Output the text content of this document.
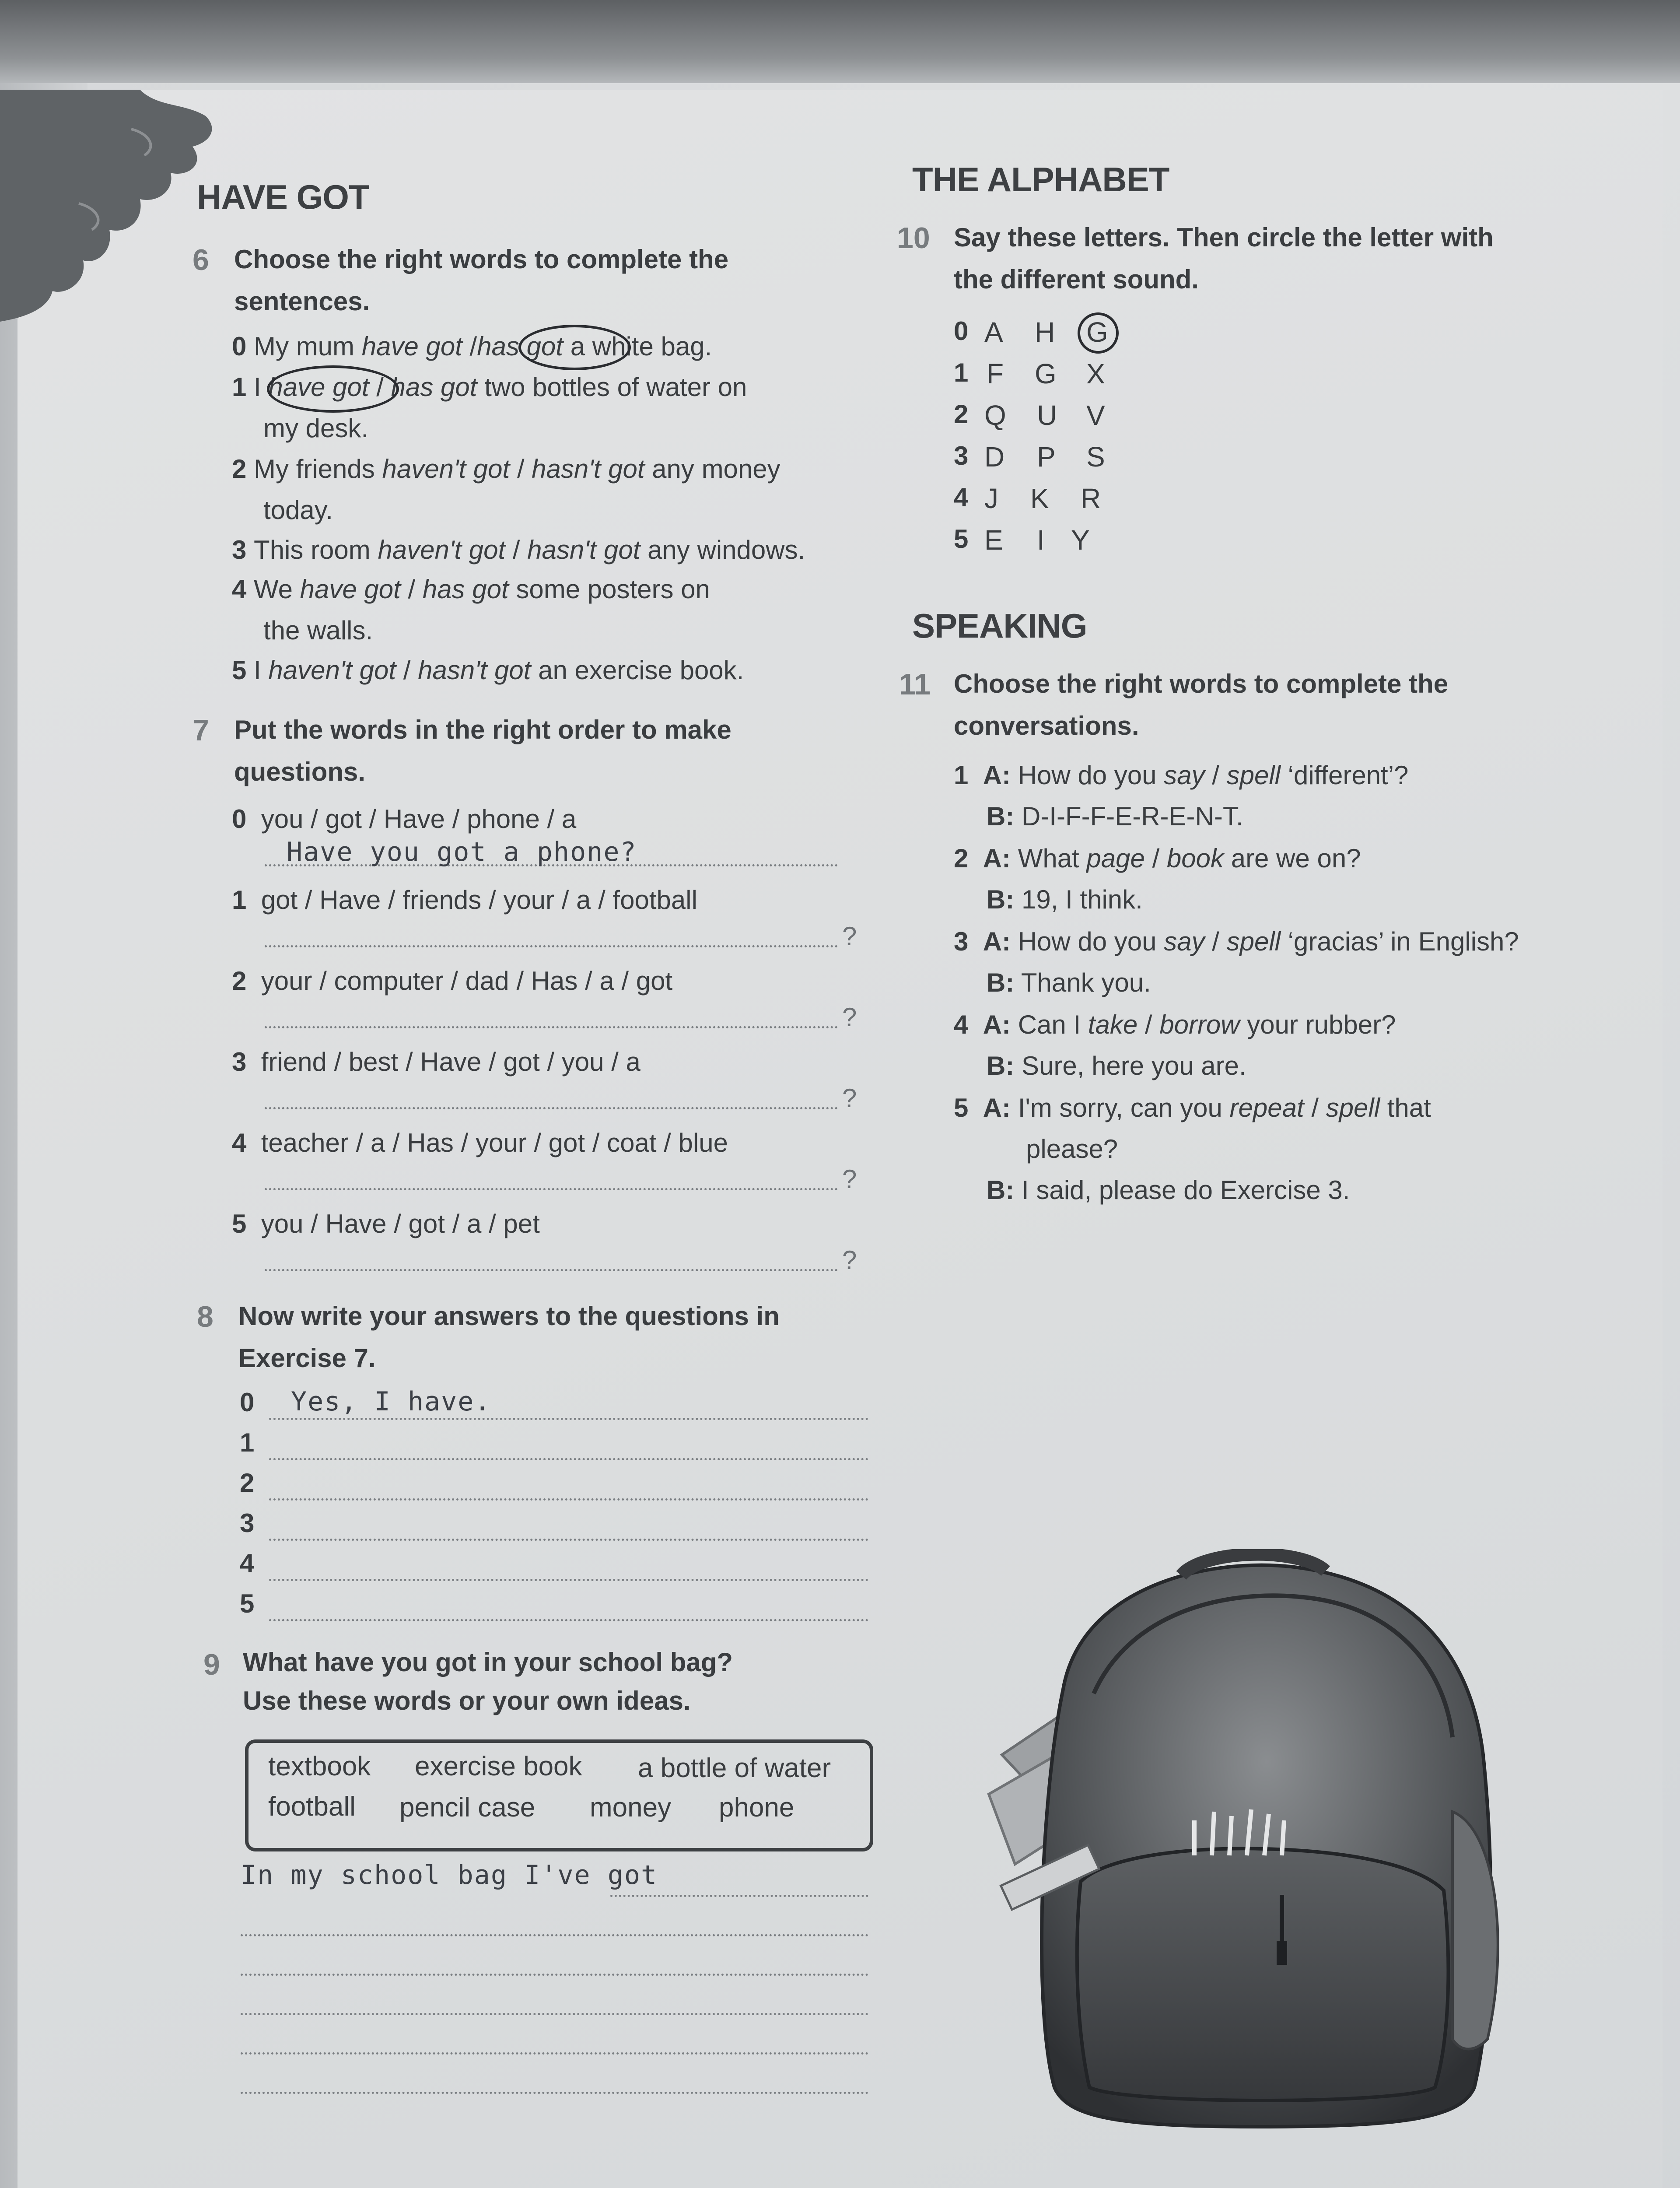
HAVE GOT
6 Choose the right words to complete the
sentences.
0 My mum have got /has got a white bag.
1 I have got / has got two bottles of water on
my desk.
2 My friends haven't got / hasn't got any money
today.
3 This room haven't got / hasn't got any windows.
4 We have got / has got some posters on
the walls.
5 I haven't got / hasn't got an exercise book.
7 Put the words in the right order to make
questions.
0 you / got / Have / phone / a
Have you got a phone?
1 got / Have / friends / your / a / football
?
2 your / computer / dad / Has / a / got
?
3 friend / best / Have / got / you / a
?
4 teacher / a / Has / your / got / coat / blue
?
5 you / Have / got / a / pet
?
8 Now write your answers to the questions in
Exercise 7.
0 Yes, I have.
1
2
3
4
5
9 What have you got in your school bag?
Use these words or your own ideas.
textbook exercise book a bottle of water
football pencil case money phone
In my school bag I've got
THE ALPHABET
10 Say these letters. Then circle the letter with
the different sound.
0 A H G
1 F G X
2 Q U V
3 D P S
4 J K R
5 E I Y
SPEAKING
11 Choose the right words to complete the
conversations.
1 A: How do you say / spell ‘different’?
B: D-I-F-F-E-R-E-N-T.
2 A: What page / book are we on?
B: 19, I think.
3 A: How do you say / spell ‘gracias’ in English?
B: Thank you.
4 A: Can I take / borrow your rubber?
B: Sure, here you are.
5 A: I'm sorry, can you repeat / spell that
please?
B: I said, please do Exercise 3.
